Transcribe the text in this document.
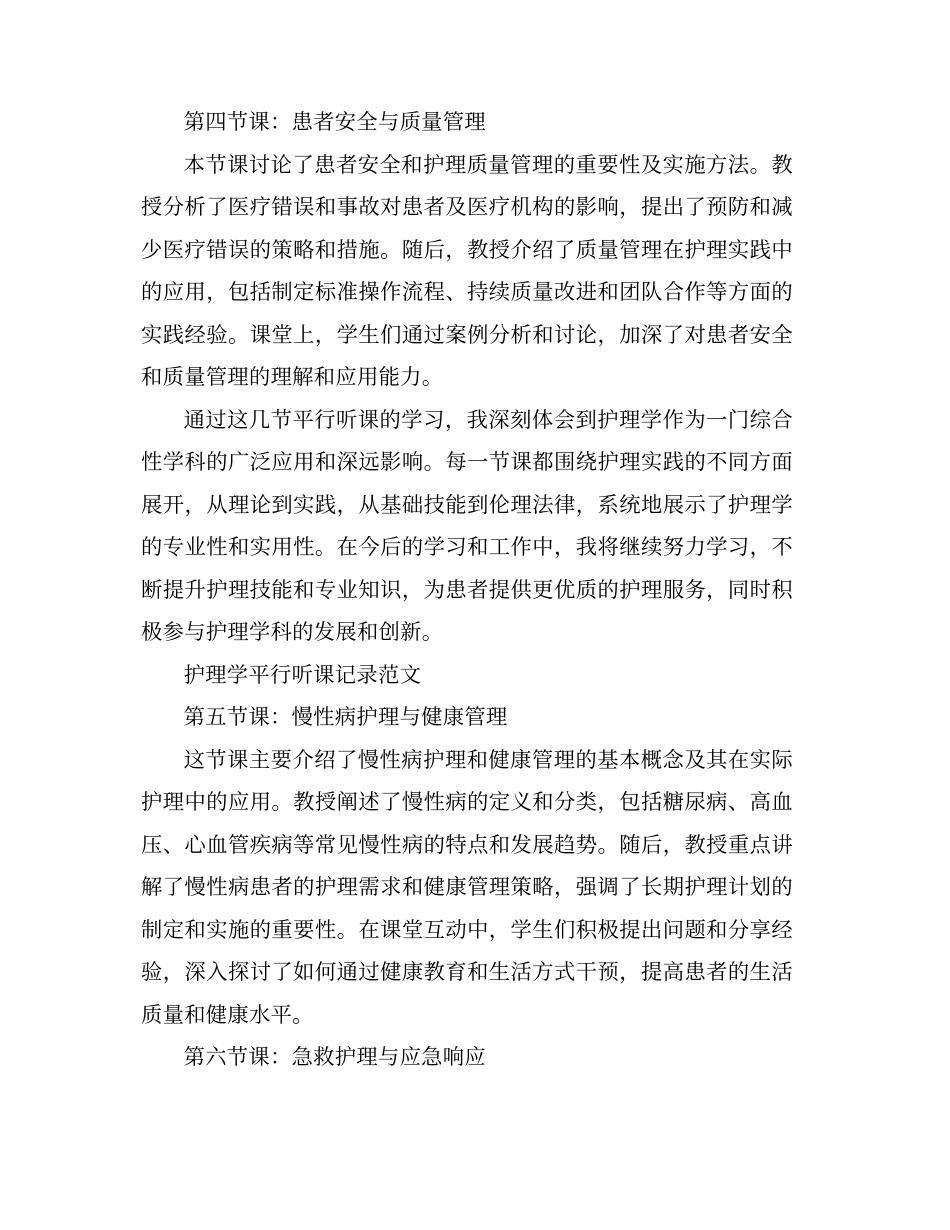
第四节课：患者安全与质量管理

本节课讨论了患者安全和护理质量管理的重要性及实施方法。教授分析了医疗错误和事故对患者及医疗机构的影响，提出了预防和减少医疗错误的策略和措施。随后，教授介绍了质量管理在护理实践中的应用，包括制定标准操作流程、持续质量改进和团队合作等方面的实践经验。课堂上，学生们通过案例分析和讨论，加深了对患者安全和质量管理的理解和应用能力。

通过这几节平行听课的学习，我深刻体会到护理学作为一门综合性学科的广泛应用和深远影响。每一节课都围绕护理实践的不同方面展开，从理论到实践，从基础技能到伦理法律，系统地展示了护理学的专业性和实用性。在今后的学习和工作中，我将继续努力学习，不断提升护理技能和专业知识，为患者提供更优质的护理服务，同时积极参与护理学科的发展和创新。

护理学平行听课记录范文

第五节课：慢性病护理与健康管理

这节课主要介绍了慢性病护理和健康管理的基本概念及其在实际护理中的应用。教授阐述了慢性病的定义和分类，包括糖尿病、高血压、心血管疾病等常见慢性病的特点和发展趋势。随后，教授重点讲解了慢性病患者的护理需求和健康管理策略，强调了长期护理计划的制定和实施的重要性。在课堂互动中，学生们积极提出问题和分享经验，深入探讨了如何通过健康教育和生活方式干预，提高患者的生活质量和健康水平。

第六节课：急救护理与应急响应
